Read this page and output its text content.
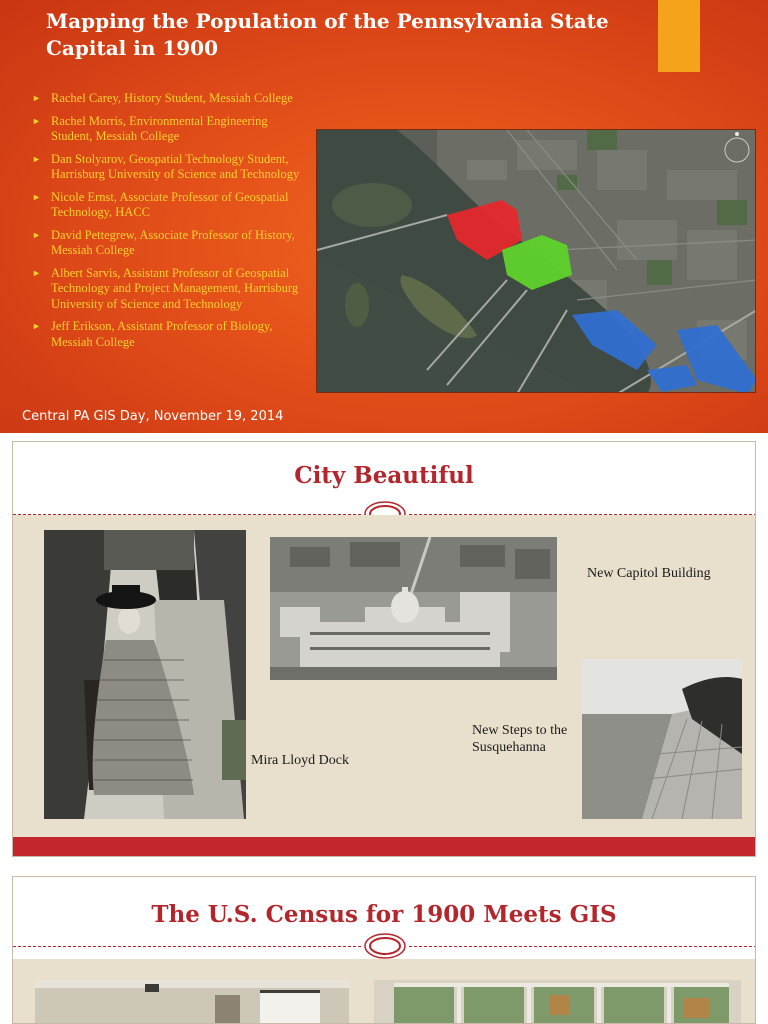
Mapping the Population of the Pennsylvania State
Capital in 1900
► Rachel Carey, History Student, Messiah College
► Rachel Morris, Environmental Engineering Student, Messiah College
► Dan Stolyarov, Geospatial Technology Student, Harrisburg University of Science and Technology
► Nicole Ernst, Associate Professor of Geospatial Technology, HACC
► David Pettegrew, Associate Professor of History, Messiah College
► Albert Sarvis, Assistant Professor of Geospatial Technology and Project Management, Harrisburg University of Science and Technology
► Jeff Erikson, Assistant Professor of Biology, Messiah College
Central PA GIS Day, November 19, 2014
City Beautiful
Mira Lloyd Dock
New Capitol Building
New Steps to the
Susquehanna
The U.S. Census for 1900 Meets GIS
